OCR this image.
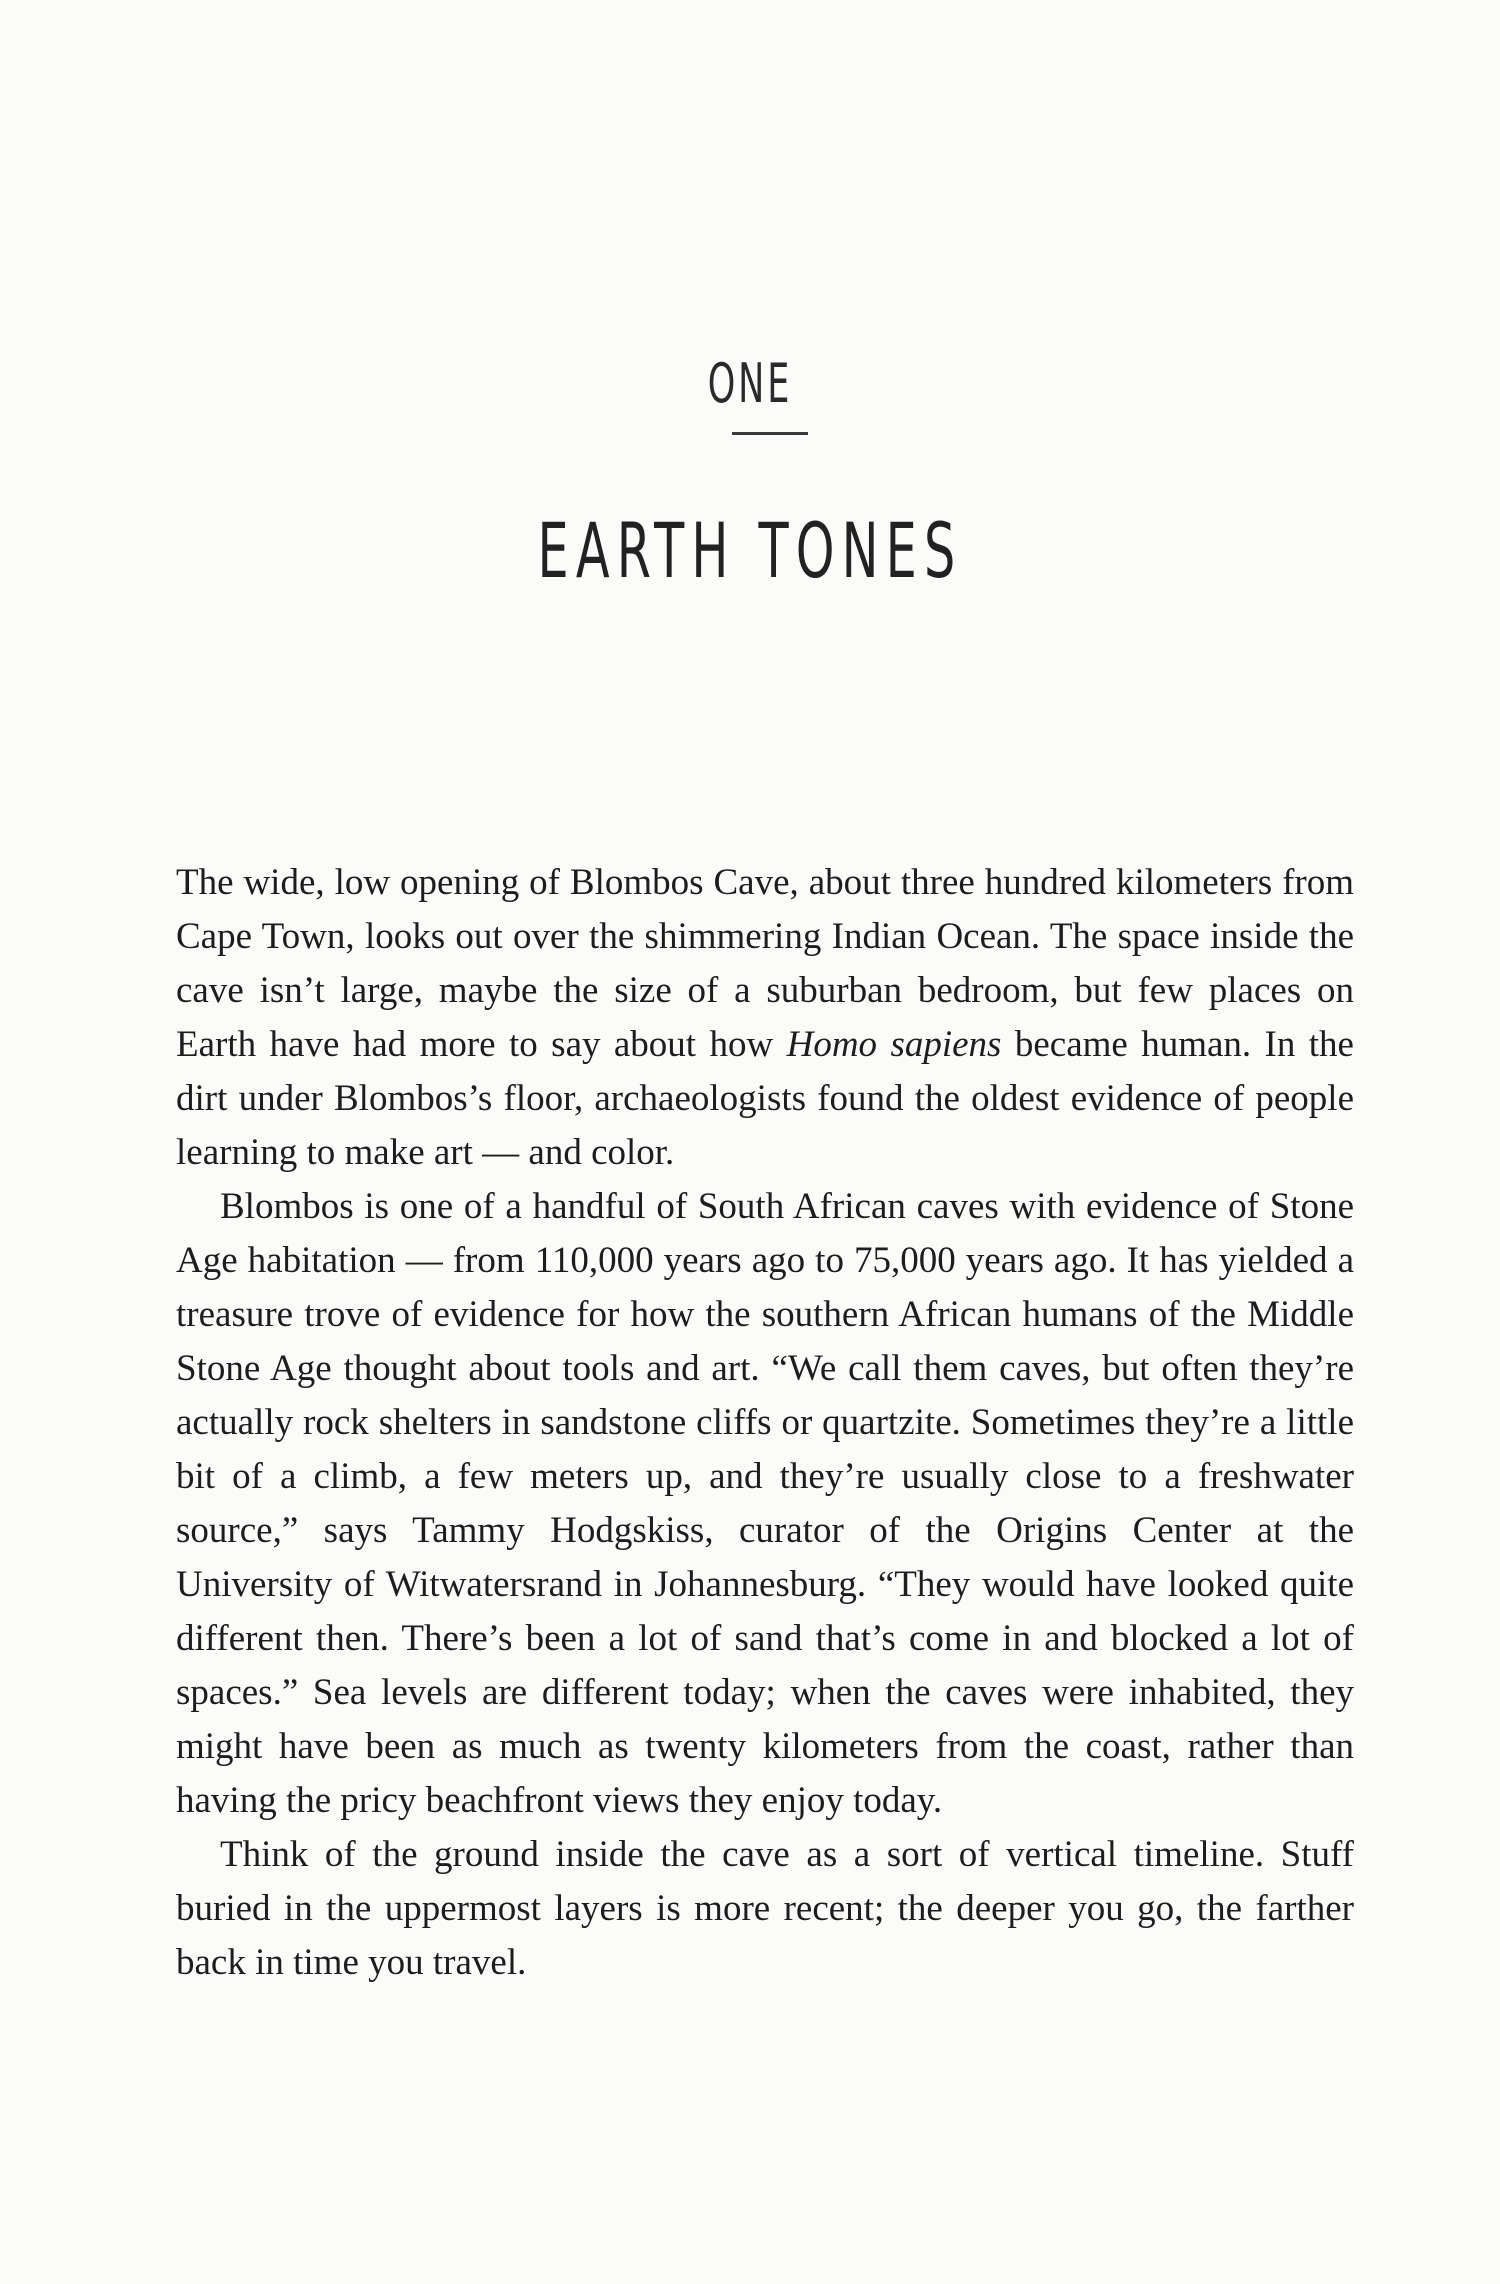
ONE
EARTH TONES

The wide, low opening of Blombos Cave, about three hundred kilometers from Cape Town, looks out over the shimmering Indian Ocean. The space inside the cave isn’t large, maybe the size of a suburban bedroom, but few places on Earth have had more to say about how Homo sapiens became human. In the dirt under Blombos’s floor, archaeologists found the oldest evidence of people learning to make art — and color.

Blombos is one of a handful of South African caves with evidence of Stone Age habitation — from 110,000 years ago to 75,000 years ago. It has yielded a treasure trove of evidence for how the southern African humans of the Middle Stone Age thought about tools and art. “We call them caves, but often they’re actually rock shelters in sandstone cliffs or quartzite. Sometimes they’re a little bit of a climb, a few meters up, and they’re usually close to a freshwater source,” says Tammy Hodgskiss, curator of the Origins Center at the University of Witwatersrand in Johannesburg. “They would have looked quite different then. There’s been a lot of sand that’s come in and blocked a lot of spaces.” Sea levels are different today; when the caves were inhabited, they might have been as much as twenty kilometers from the coast, rather than having the pricy beachfront views they enjoy today.

Think of the ground inside the cave as a sort of vertical timeline. Stuff buried in the uppermost layers is more recent; the deeper you go, the farther back in time you travel.
